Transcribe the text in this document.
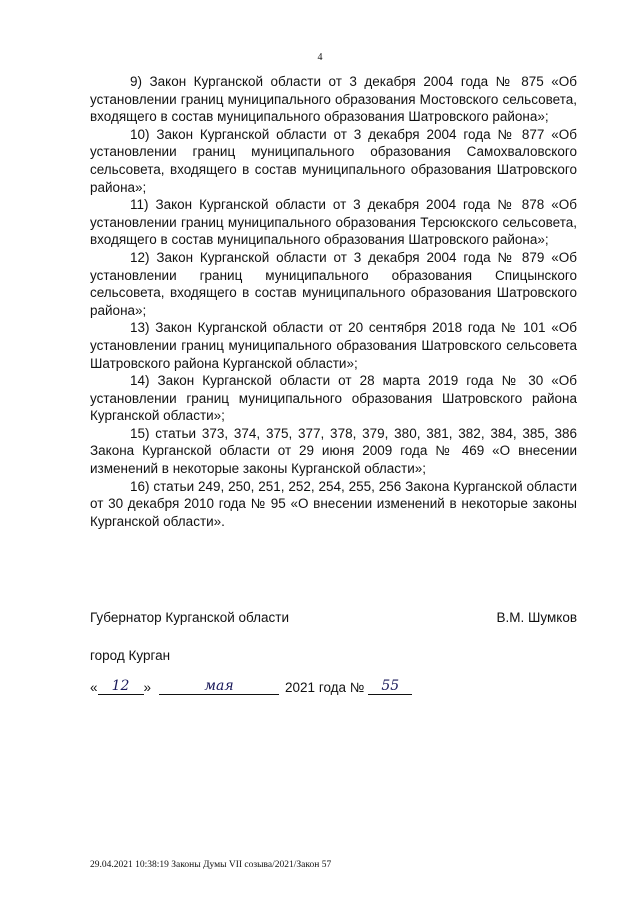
4

9) Закон Курганской области от 3 декабря 2004 года № 875 «Об установлении границ муниципального образования Мостовского сельсовета, входящего в состав муниципального образования Шатровского района»;

10) Закон Курганской области от 3 декабря 2004 года № 877 «Об установлении границ муниципального образования Самохваловского сельсовета, входящего в состав муниципального образования Шатровского района»;

11) Закон Курганской области от 3 декабря 2004 года № 878 «Об установлении границ муниципального образования Терсюкского сельсовета, входящего в состав муниципального образования Шатровского района»;

12) Закон Курганской области от 3 декабря 2004 года № 879 «Об установлении границ муниципального образования Спицынского сельсовета, входящего в состав муниципального образования Шатровского района»;

13) Закон Курганской области от 20 сентября 2018 года № 101 «Об установлении границ муниципального образования Шатровского сельсовета Шатровского района Курганской области»;

14) Закон Курганской области от 28 марта 2019 года № 30 «Об установлении границ муниципального образования Шатровского района Курганской области»;

15) статьи 373, 374, 375, 377, 378, 379, 380, 381, 382, 384, 385, 386 Закона Курганской области от 29 июня 2009 года № 469 «О внесении изменений в некоторые законы Курганской области»;

16) статьи 249, 250, 251, 252, 254, 255, 256 Закона Курганской области от 30 декабря 2010 года № 95 «О внесении изменений в некоторые законы Курганской области».

Губернатор Курганской области	В.М. Шумков
город Курган
«	12	»	мая	2021 года №	55
29.04.2021 10:38:19 Законы Думы VII созыва/2021/Закон 57
